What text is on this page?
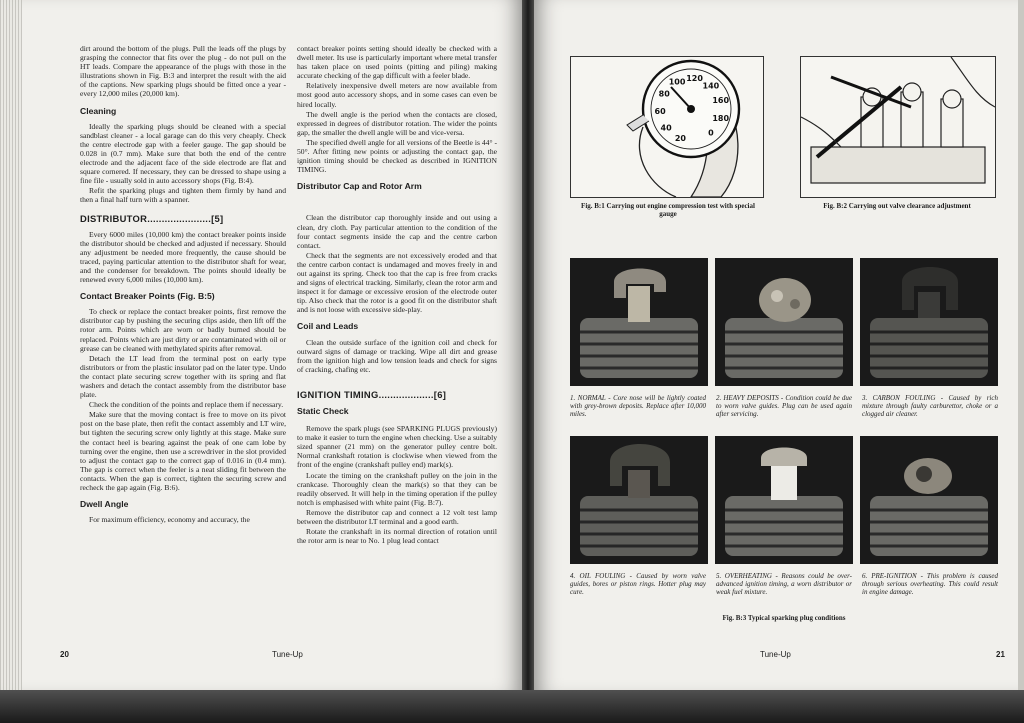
dirt around the bottom of the plugs. Pull the leads off the plugs by grasping the connector that fits over the plug - do not pull on the HT leads. Compare the appearance of the plugs with those in the illustrations shown in Fig. B:3 and interpret the result with the aid of the captions. New sparking plugs should be fitted once a year - every 12,000 miles (20,000 km).

Cleaning

Ideally the sparking plugs should be cleaned with a special sandblast cleaner - a local garage can do this very cheaply. Check the centre electrode gap with a feeler gauge. The gap should be 0.028 in (0.7 mm). Make sure that both the end of the centre electrode and the adjacent face of the side electrode are flat and square cornered. If necessary, they can be dressed to shape using a fine file - usually sold in auto accessory shops (Fig. B:4).

Refit the sparking plugs and tighten them firmly by hand and then a final half turn with a spanner.

DISTRIBUTOR......................[5]

Every 6000 miles (10,000 km) the contact breaker points inside the distributor should be checked and adjusted if necessary. Should any adjustment be needed more frequently, the cause should be traced, paying particular attention to the distributor shaft for wear, and the condenser for breakdown. The points should ideally be renewed every 6,000 miles (10,000 km).

Contact Breaker Points (Fig. B:5)

To check or replace the contact breaker points, first remove the distributor cap by pushing the securing clips aside, then lift off the rotor arm. Points which are worn or badly burned should be replaced. Points which are just dirty or are contaminated with oil or grease can be cleaned with methylated spirits after removal.

Detach the LT lead from the terminal post on early type distributors or from the plastic insulator pad on the later type. Undo the contact plate securing screw together with its spring and flat washers and detach the contact assembly from the distributor base plate.

Check the condition of the points and replace them if necessary.

Make sure that the moving contact is free to move on its pivot post on the base plate, then refit the contact assembly and LT wire, but tighten the securing screw only lightly at this stage. Make sure the contact heel is bearing against the peak of one cam lobe by turning over the engine, then use a screwdriver in the slot provided to adjust the contact gap to the correct gap of 0.016 in (0.4 mm). The gap is correct when the feeler is a neat sliding fit between the contacts. When the gap is correct, tighten the securing screw and recheck the gap again (Fig. B:6).

Dwell Angle

For maximum efficiency, economy and accuracy, the

contact breaker points setting should ideally be checked with a dwell meter. Its use is particularly important where metal transfer has taken place on used points (pitting and piling) making accurate checking of the gap difficult with a feeler blade.

Relatively inexpensive dwell meters are now available from most good auto accessory shops, and in some cases can even be hired locally.

The dwell angle is the period when the contacts are closed, expressed in degrees of distributor rotation. The wider the points gap, the smaller the dwell angle will be and vice-versa.

The specified dwell angle for all versions of the Beetle is 44° - 50°. After fitting new points or adjusting the contact gap, the ignition timing should be checked as described in IGNITION TIMING.

Distributor Cap and Rotor Arm

Clean the distributor cap thoroughly inside and out using a clean, dry cloth. Pay particular attention to the condition of the four contact segments inside the cap and the centre carbon contact.

Check that the segments are not excessively eroded and that the centre carbon contact is undamaged and moves freely in and out against its spring. Check too that the cap is free from cracks and signs of electrical tracking. Similarly, clean the rotor arm and inspect it for damage or excessive erosion of the electrode outer tip. Also check that the rotor is a good fit on the distributor shaft and is not loose with excessive side-play.

Coil and Leads

Clean the outside surface of the ignition coil and check for outward signs of damage or tracking. Wipe all dirt and grease from the ignition high and low tension leads and check for signs of cracking, chafing etc.

IGNITION TIMING...................[6]
Static Check

Remove the spark plugs (see SPARKING PLUGS previously) to make it easier to turn the engine when checking. Use a suitably sized spanner (21 mm) on the generator pulley centre bolt. Normal crankshaft rotation is clockwise when viewed from the front of the engine (crankshaft pulley end) mark(s).

Locate the timing on the crankshaft pulley on the join in the crankcase. Thoroughly clean the mark(s) so that they can be readily observed. It will help in the timing operation if the pulley notch is emphasised with white paint (Fig. B:7).

Remove the distributor cap and connect a 12 volt test lamp between the distributor LT terminal and a good earth.

Rotate the crankshaft in its normal direction of rotation until the rotor arm is near to No. 1 plug lead contact

20	Tune-Up
20
40
60
80
100 120
140
160
180
0
Fig. B:1 Carrying out engine compression test with special gauge
Fig. B:2 Carrying out valve clearance adjustment
1. NORMAL - Core nose will be lightly coated with grey-brown deposits. Replace after 10,000 miles.
2. HEAVY DEPOSITS - Condition could be due to worn valve guides. Plug can be used again after servicing.
3. CARBON FOULING - Caused by rich mixture through faulty carburettor, choke or a clogged air cleaner.
4. OIL FOULING - Caused by worn valve guides, bores or piston rings. Hotter plug may cure.
5. OVERHEATING - Reasons could be over-advanced ignition timing, a worn distributor or weak fuel mixture.
6. PRE-IGNITION - This problem is caused through serious overheating. This could result in engine damage.
Fig. B:3 Typical sparking plug conditions
Tune-Up	21
